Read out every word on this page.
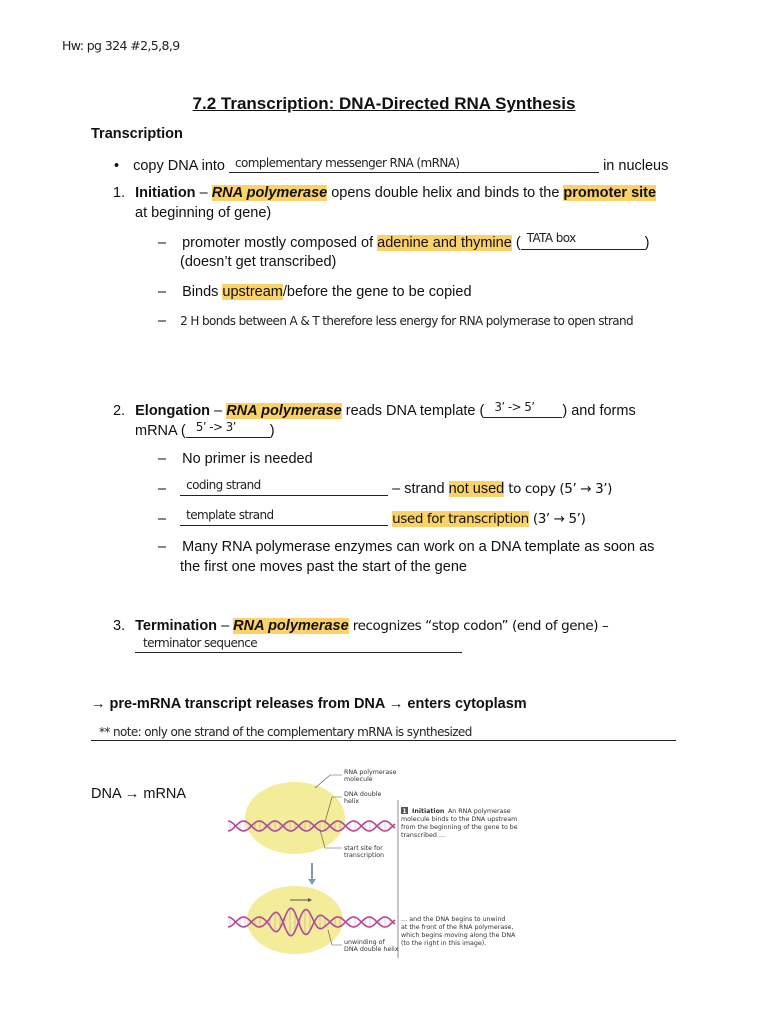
Hw: pg 324 #2,5,8,9
7.2 Transcription: DNA-Directed RNA Synthesis
Transcription
• copy DNA into complementary messenger RNA (mRNA)	in nucleus
1. Initiation – RNA polymerase opens double helix and binds to the promoter site
at beginning of gene)
– promoter mostly composed of adenine and thymine ( TATA box	)
(doesn’t get transcribed)
– Binds upstream/before the gene to be copied
– 2 H bonds between A & T therefore less energy for RNA polymerase to open strand
2. Elongation – RNA polymerase reads DNA template ( 3’ -> 5’ ) and forms
mRNA ( 5’ -> 3’ )
– No primer is needed
– coding strand	– strand not used to copy (5’ → 3’)
– template strand	used for transcription (3’ → 5’)
– Many RNA polymerase enzymes can work on a DNA template as soon as
the first one moves past the start of the gene
3. Termination – RNA polymerase recognizes “stop codon” (end of gene) –
terminator sequence
→ pre-mRNA transcript releases from DNA → enters cytoplasm
** note: only one strand of the complementary mRNA is synthesized
DNA → mRNA
RNA polymerase
molecule
DNA double
helix
start site for
transcription
unwinding of
DNA double helix
1 Initiation An RNA polymerase
molecule binds to the DNA upstream
from the beginning of the gene to be
transcribed …
… and the DNA begins to unwind
at the front of the RNA polymerase,
which begins moving along the DNA
(to the right in this image).
